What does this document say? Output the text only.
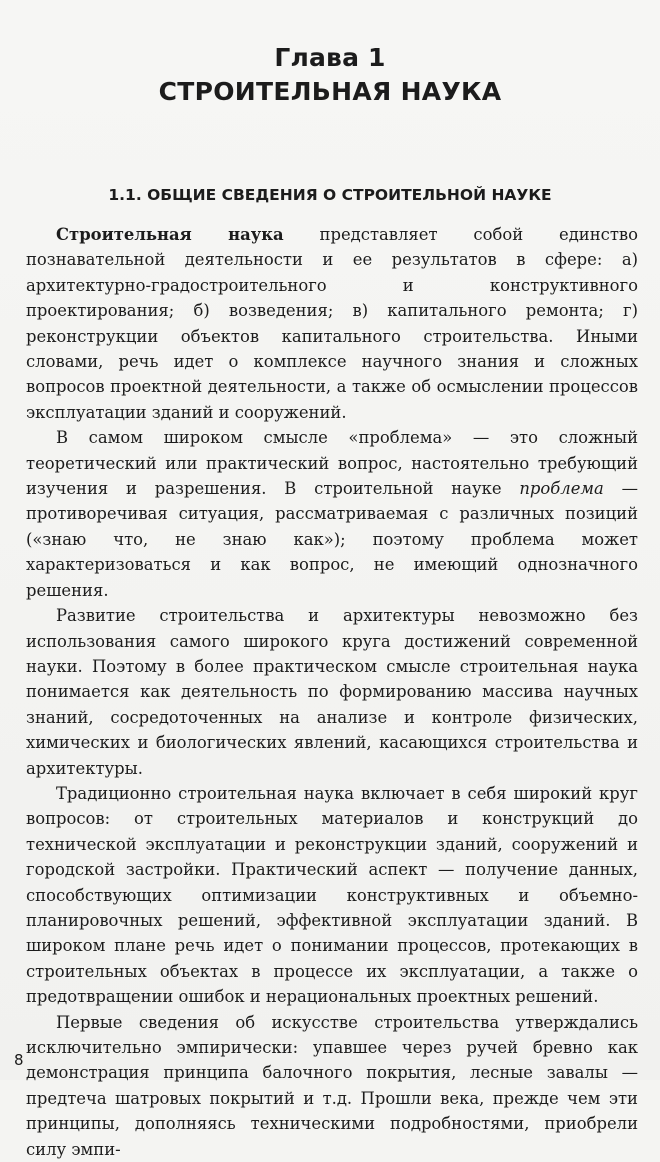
Глава 1
СТРОИТЕЛЬНАЯ НАУКА
1.1. ОБЩИЕ СВЕДЕНИЯ О СТРОИТЕЛЬНОЙ НАУКЕ

Строительная наука представляет собой единство познавательной деятельности и ее результатов в сфере: а) архитектурно-градостроительного и конструктивного проектирования; б) возведения; в) капитального ремонта; г) реконструкции объектов капитального строительства. Иными словами, речь идет о комплексе научного знания и сложных вопросов проектной деятельности, а также об осмыслении процессов эксплуатации зданий и сооружений.

В самом широком смысле «проблема» — это сложный теоретический или практический вопрос, настоятельно требующий изучения и разрешения. В строительной науке проблема — противоречивая ситуация, рассматриваемая с различных позиций («знаю что, не знаю как»); поэтому проблема может характеризоваться и как вопрос, не имеющий однозначного решения.

Развитие строительства и архитектуры невозможно без использования самого широкого круга достижений современной науки. Поэтому в более практическом смысле строительная наука понимается как деятельность по формированию массива научных знаний, сосредоточенных на анализе и контроле физических, химических и биологических явлений, касающихся строительства и архитектуры.

Традиционно строительная наука включает в себя широкий круг вопросов: от строительных материалов и конструкций до технической эксплуатации и реконструкции зданий, сооружений и городской застройки. Практический аспект — получение данных, способствующих оптимизации конструктивных и объемно-планировочных решений, эффективной эксплуатации зданий. В широком плане речь идет о понимании процессов, протекающих в строительных объектах в процессе их эксплуатации, а также о предотвращении ошибок и нерациональных проектных решений.

Первые сведения об искусстве строительства утверждались исключительно эмпирически: упавшее через ручей бревно как демонстрация принципа балочного покрытия, лесные завалы — предтеча шатровых покрытий и т.д. Прошли века, прежде чем эти принципы, дополняясь техническими подробностями, приобрели силу эмпи-

8
